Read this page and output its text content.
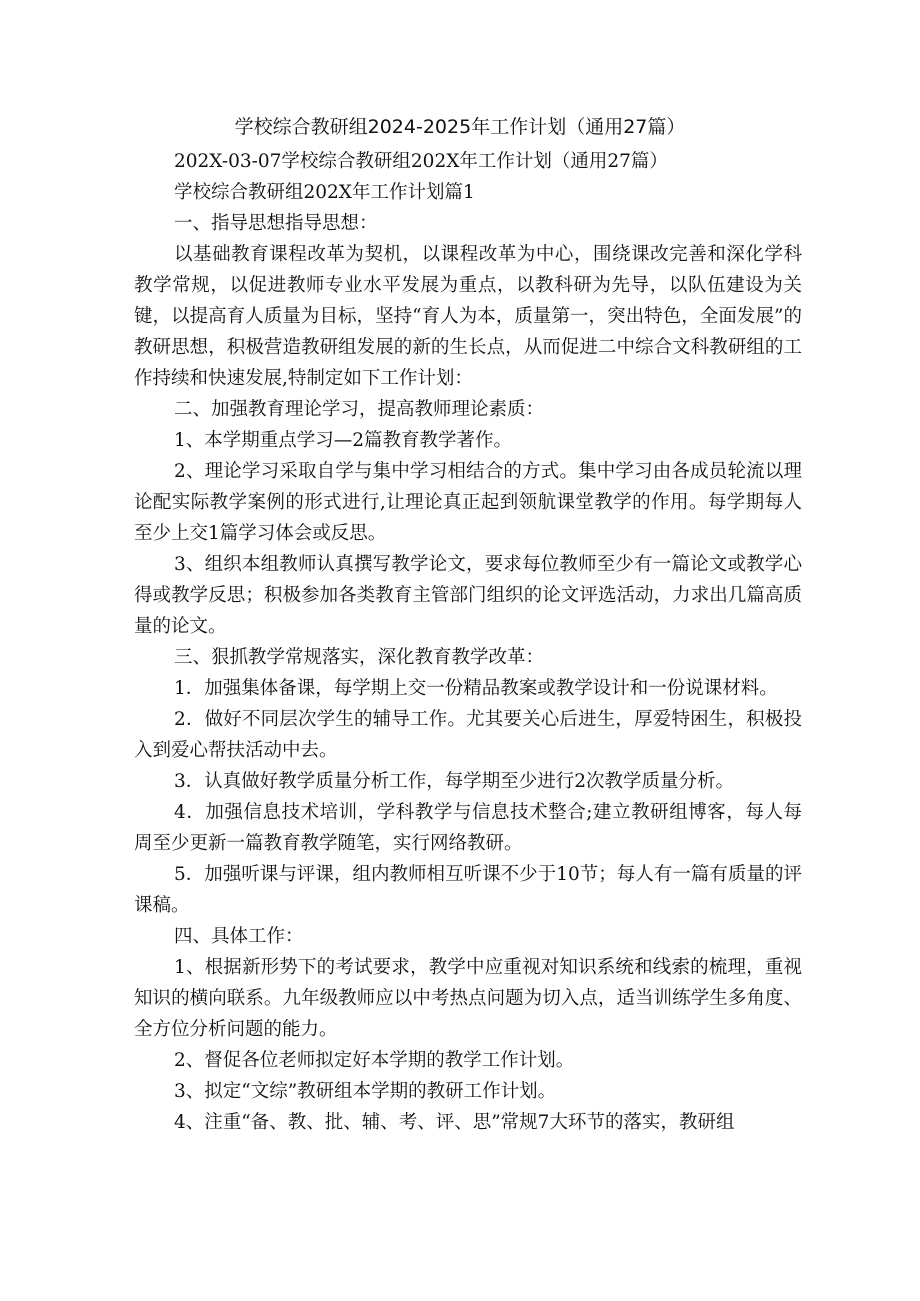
学校综合教研组2024-2025年工作计划（通用27篇）

202X-03-07学校综合教研组202X年工作计划（通用27篇）

学校综合教研组202X年工作计划篇1

一、指导思想指导思想：

以基础教育课程改革为契机，以课程改革为中心，围绕课改完善和深化学科教学常规，以促进教师专业水平发展为重点，以教科研为先导，以队伍建设为关键，以提高育人质量为目标，坚持“育人为本，质量第一，突出特色，全面发展”的教研思想，积极营造教研组发展的新的生长点，从而促进二中综合文科教研组的工作持续和快速发展,特制定如下工作计划：

二、加强教育理论学习，提高教师理论素质：

1、本学期重点学习—2篇教育教学著作。

2、理论学习采取自学与集中学习相结合的方式。集中学习由各成员轮流以理论配实际教学案例的形式进行,让理论真正起到领航课堂教学的作用。每学期每人至少上交1篇学习体会或反思。

3、组织本组教师认真撰写教学论文，要求每位教师至少有一篇论文或教学心得或教学反思；积极参加各类教育主管部门组织的论文评选活动，力求出几篇高质量的论文。

三、狠抓教学常规落实，深化教育教学改革：

1．加强集体备课，每学期上交一份精品教案或教学设计和一份说课材料。

2．做好不同层次学生的辅导工作。尤其要关心后进生，厚爱特困生，积极投入到爱心帮扶活动中去。

3．认真做好教学质量分析工作，每学期至少进行2次教学质量分析。

4．加强信息技术培训，学科教学与信息技术整合;建立教研组博客，每人每周至少更新一篇教育教学随笔，实行网络教研。

5．加强听课与评课，组内教师相互听课不少于10节；每人有一篇有质量的评课稿。

四、具体工作：

1、根据新形势下的考试要求，教学中应重视对知识系统和线索的梳理，重视知识的横向联系。九年级教师应以中考热点问题为切入点，适当训练学生多角度、全方位分析问题的能力。

2、督促各位老师拟定好本学期的教学工作计划。

3、拟定“文综”教研组本学期的教研工作计划。

4、注重“备、教、批、辅、考、评、思”常规7大环节的落实，教研组
